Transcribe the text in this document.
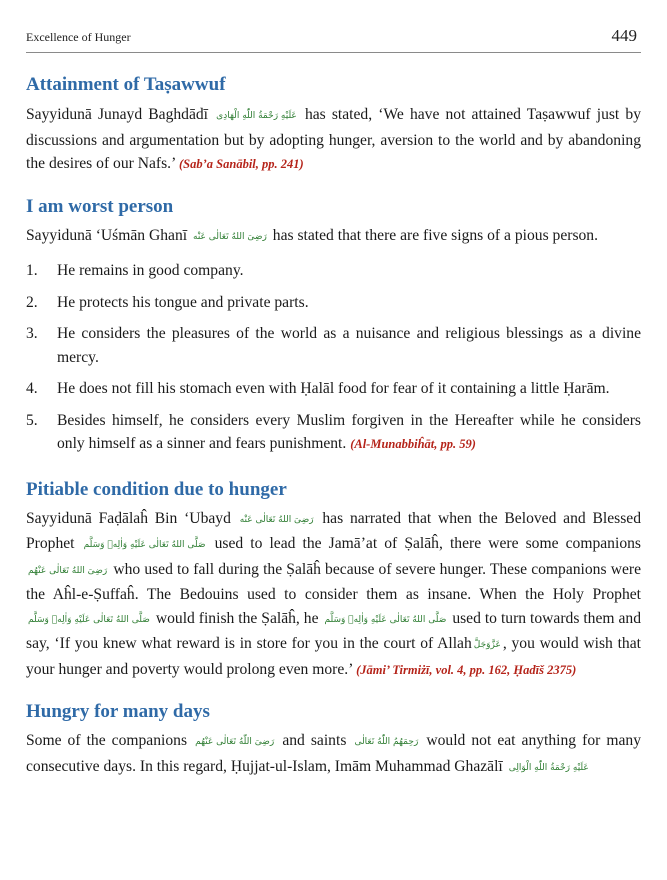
Excellence of Hunger	449
Attainment of Taṣawwuf

Sayyidunā Junayd Baghdādī عَلَيْهِ رَحْمَةُ اللّٰهِ الْهَادِى has stated, ‘We have not attained Taṣawwuf just by discussions and argumentation but by adopting hunger, aversion to the world and by abandoning the desires of our Nafs.’ (Sab’a Sanābil, pp. 241)

I am worst person

Sayyidunā ‘Uśmān Ghanī رَضِىَ اللهُ تَعَالٰی عَنْه has stated that there are five signs of a pious person.

1. He remains in good company.
2. He protects his tongue and private parts.
3. He considers the pleasures of the world as a nuisance and religious blessings as a divine mercy.
4. He does not fill his stomach even with Ḥalāl food for fear of it containing a little Ḥarām.
5. Besides himself, he considers every Muslim forgiven in the Hereafter while he considers only himself as a sinner and fears punishment. (Al-Munabbiĥāt, pp. 59)
Pitiable condition due to hunger

Sayyidunā Faḍālaĥ Bin ‘Ubayd رَضِىَ اللهُ تَعَالٰی عَنْه has narrated that when the Beloved and Blessed Prophet صَلَّى اللهُ تَعَالٰى عَلَيْهِ وَاٰلِهٖ وَسَلَّم used to lead the Jamā’at of Ṣalāĥ, there were some companions رَضِىَ اللهُ تَعَالٰى عَنْهُم who used to fall during the Ṣalāĥ because of severe hunger. These companions were the Aĥl-e-Ṣuffaĥ. The Bedouins used to consider them as insane. When the Holy Prophet صَلَّى اللهُ تَعَالٰى عَلَيْهِ وَاٰلِهٖ وَسَلَّم would finish the Ṣalāĥ, he صَلَّى اللهُ تَعَالٰى عَلَيْهِ وَاٰلِهٖ وَسَلَّم used to turn towards them and say, ‘If you knew what reward is in store for you in the court of Allah عَزَّوَجَلَّ , you would wish that your hunger and poverty would prolong even more.’ (Jāmi’ Tirmiżī, vol. 4, pp. 162, Ḥadīš 2375)

Hungry for many days

Some of the companions رَضِىَ اللّٰهُ تَعَالٰى عَنْهُم and saints رَحِمَهُمُ اللّٰهُ تَعَالٰى would not eat anything for many consecutive days. In this regard, Ḥujjat-ul-Islam, Imām Muhammad Ghazālī عَلَيْهِ رَحْمَةُ اللّٰهِ الْوَالِى
